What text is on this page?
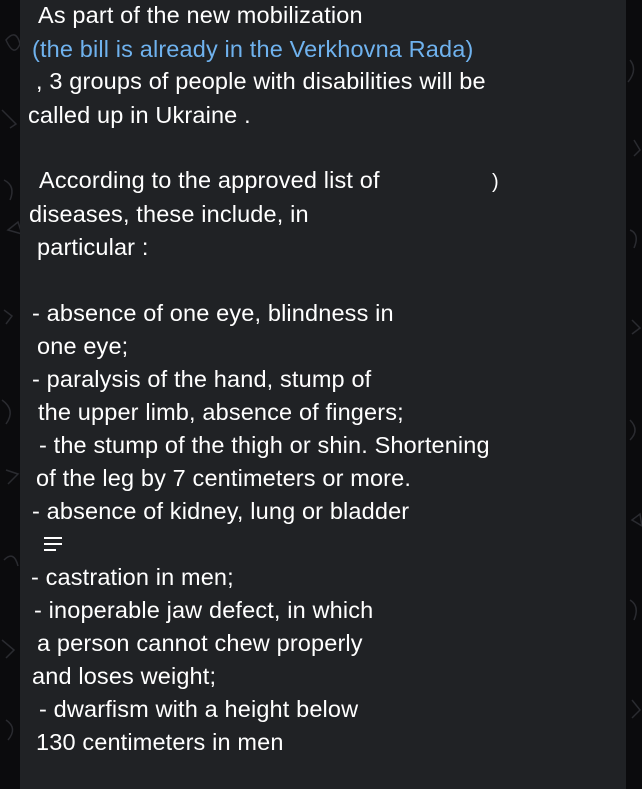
As part of the new mobilization
(the bill is already in the Verkhovna Rada)
, 3 groups of people with disabilities will be
called up in Ukraine .
According to the approved list of	)
diseases, these include, in
particular :
- absence of one eye, blindness in
one eye;
- paralysis of the hand, stump of
the upper limb, absence of fingers;
- the stump of the thigh or shin. Shortening
of the leg by 7 centimeters or more.
- absence of kidney, lung or bladder
- castration in men;
- inoperable jaw defect, in which
a person cannot chew properly
and loses weight;
- dwarfism with a height below
130 centimeters in men
